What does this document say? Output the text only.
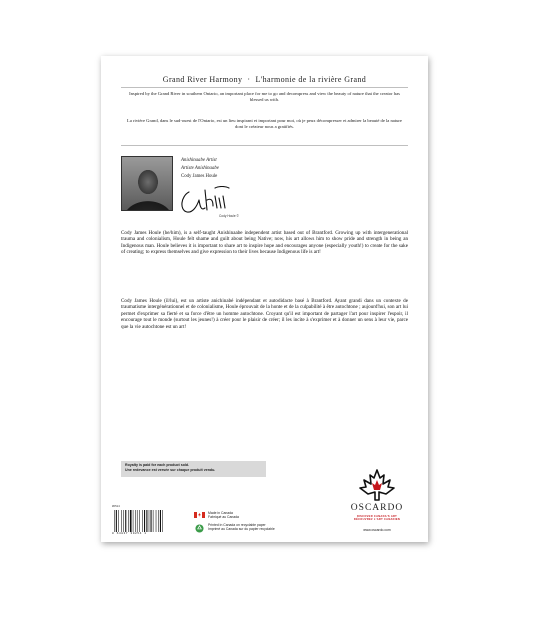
Grand River Harmony · L'harmonie de la rivière Grand
Inspired by the Grand River in southern Ontario, an important place for me to go and decompress and view the beauty of nature that the creator has blessed us with.
La rivière Grand, dans le sud-ouest de l'Ontario, est un lieu inspirant et important pour moi, où je peux décompresser et admirer la beauté de la nature dont le créateur nous a gratifiés.
Anishinaabe Artist
Artiste Anishinaabe
Cody James Houle
Cody Houle ©
Cody James Houle (he/him), is a self-taught Anishinaabe independent artist based out of Brantford. Growing up with intergenerational trauma and colonialism, Houle felt shame and guilt about being Native; now, his art allows him to show pride and strength in being an Indigenous man. Houle believes it is important to share art to inspire hope and encourages anyone (especially youth!) to create for the sake of creating; to express themselves and give expression to their lives because Indigenous life is art!
Cody James Houle (il/lui), est un artiste anichinabé indépendant et autodidacte basé à Brantford. Ayant grandi dans un contexte de traumatisme intergénérationnel et de colonialisme, Houle éprouvait de la honte et de la culpabilité à être autochtone ; aujourd'hui, son art lui permet d'exprimer sa fierté et sa force d'être un homme autochtone. Croyant qu'il est important de partager l'art pour inspirer l'espoir, il encourage tout le monde (surtout les jeunes!) à créer pour le plaisir de créer; il les incite à s'exprimer et à donner un sens à leur vie, parce que la vie autochtone est un art!
Royalty is paid for each product sold.
Une redevance est versée sur chaque produit vendu.
#0514
0 64837 39254 1
Made in Canada
Fabriqué au Canada
Printed in Canada on recyclable paper
Imprimé au Canada sur du papier recyclable
OSCARDO
DISCOVER CANADA'S ART
DÉCOUVREZ L'ART CANADIEN
www.oscardo.com
